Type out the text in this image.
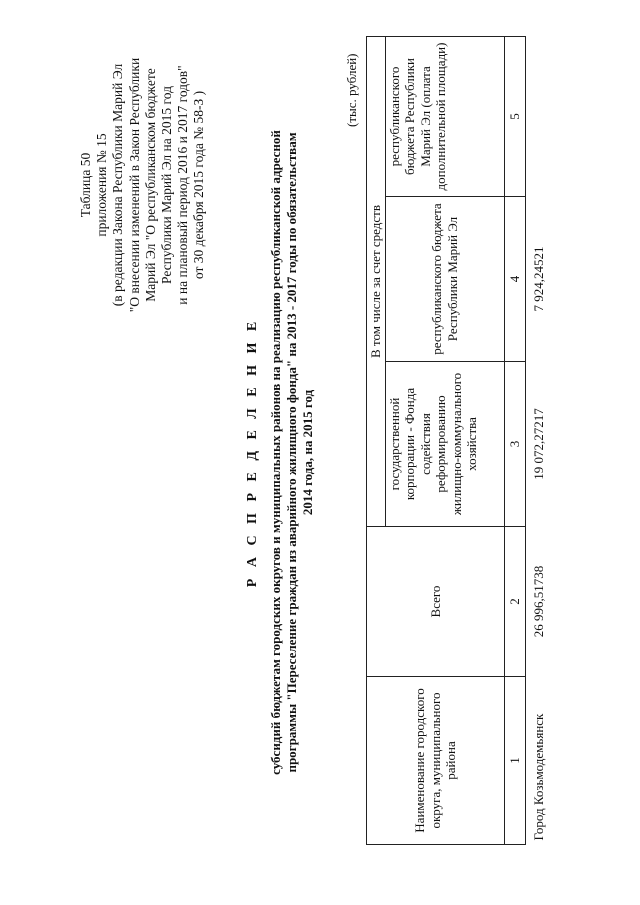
Таблица 50 приложения № 15 (в редакции Закона Республики Марий Эл "О внесении изменений в Закон Республики Марий Эл "О республиканском бюджете Республики Марий Эл на 2015 год и на плановый период 2016 и 2017 годов" от 30 декабря 2015 года № 58-З )
Р А С П Р Е Д Е Л Е Н И Е субсидий бюджетам городских округов и муниципальных районов на реализацию республиканской адресной программы "Переселение граждан из аварийного жилищного фонда" на 2013 - 2017 годы по обязательствам 2014 года, на 2015 год
(тыс. рублей)
Наименование городского округа, муниципального района	Всего	В том числе за счет средств		
		государственной корпорации - Фонда содействия реформированию жилищно-коммунального хозяйства	республиканского бюджета Республики Марий Эл	республиканского бюджета Республики Марий Эл (оплата дополнительной площади)
1	2	3	4	5
Город Козьмодемьянск	26 996,51738	19 072,27217	7 924,24521	
